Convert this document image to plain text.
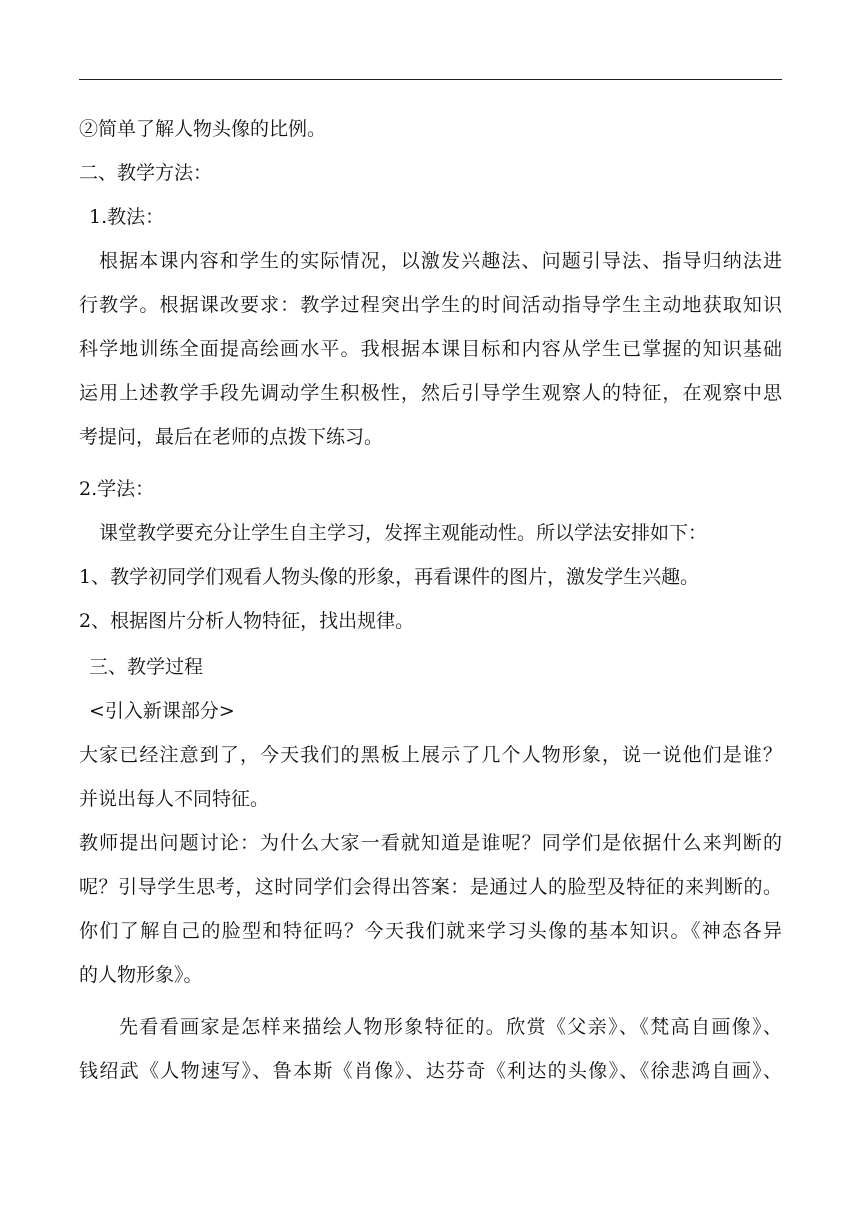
②简单了解人物头像的比例。
二、教学方法：
1.教法：
根据本课内容和学生的实际情况，以激发兴趣法、问题引导法、指导归纳法进
行教学。根据课改要求：教学过程突出学生的时间活动指导学生主动地获取知识
科学地训练全面提高绘画水平。我根据本课目标和内容从学生已掌握的知识基础
运用上述教学手段先调动学生积极性，然后引导学生观察人的特征，在观察中思
考提问，最后在老师的点拨下练习。
2.学法：
课堂教学要充分让学生自主学习，发挥主观能动性。所以学法安排如下：
1、教学初同学们观看人物头像的形象，再看课件的图片，激发学生兴趣。
2、根据图片分析人物特征，找出规律。
三、教学过程
<引入新课部分>
大家已经注意到了，今天我们的黑板上展示了几个人物形象，说一说他们是谁？
并说出每人不同特征。
教师提出问题讨论：为什么大家一看就知道是谁呢？同学们是依据什么来判断的
呢？引导学生思考，这时同学们会得出答案：是通过人的脸型及特征的来判断的。
你们了解自己的脸型和特征吗？今天我们就来学习头像的基本知识。《神态各异
的人物形象》。
先看看画家是怎样来描绘人物形象特征的。欣赏《父亲》、《梵高自画像》、
钱绍武《人物速写》、鲁本斯《肖像》、达芬奇《利达的头像》、《徐悲鸿自画》、
